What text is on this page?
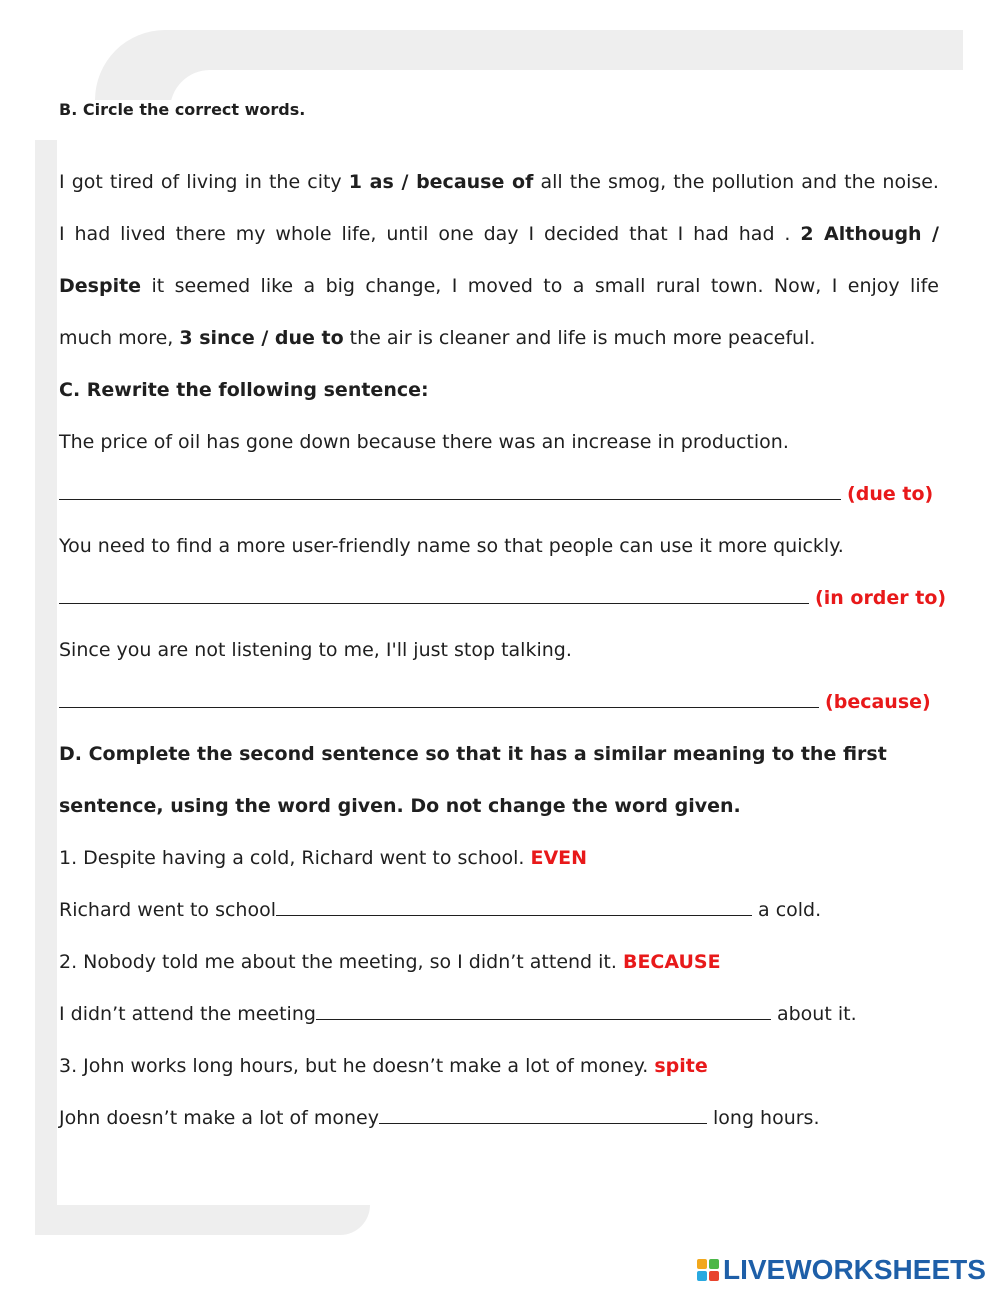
B. Circle the correct words.
I got tired of living in the city 1 as / because of all the smog, the pollution and the noise.
I had lived there my whole life, until one day I decided that I had had . 2 Although /
Despite it seemed like a big change, I moved to a small rural town. Now, I enjoy life
much more, 3 since / due to the air is cleaner and life is much more peaceful.
C. Rewrite the following sentence:
The price of oil has gone down because there was an increase in production.
(due to)
You need to find a more user-friendly name so that people can use it more quickly.
(in order to)
Since you are not listening to me, I'll just stop talking.
(because)
D. Complete the second sentence so that it has a similar meaning to the first
sentence, using the word given. Do not change the word given.
1. Despite having a cold, Richard went to school. EVEN
Richard went to school	a cold.
2. Nobody told me about the meeting, so I didn’t attend it. BECAUSE
I didn’t attend the meeting	about it.
3. John works long hours, but he doesn’t make a lot of money. spite
John doesn’t make a lot of money	long hours.
LIVEWORKSHEETS
